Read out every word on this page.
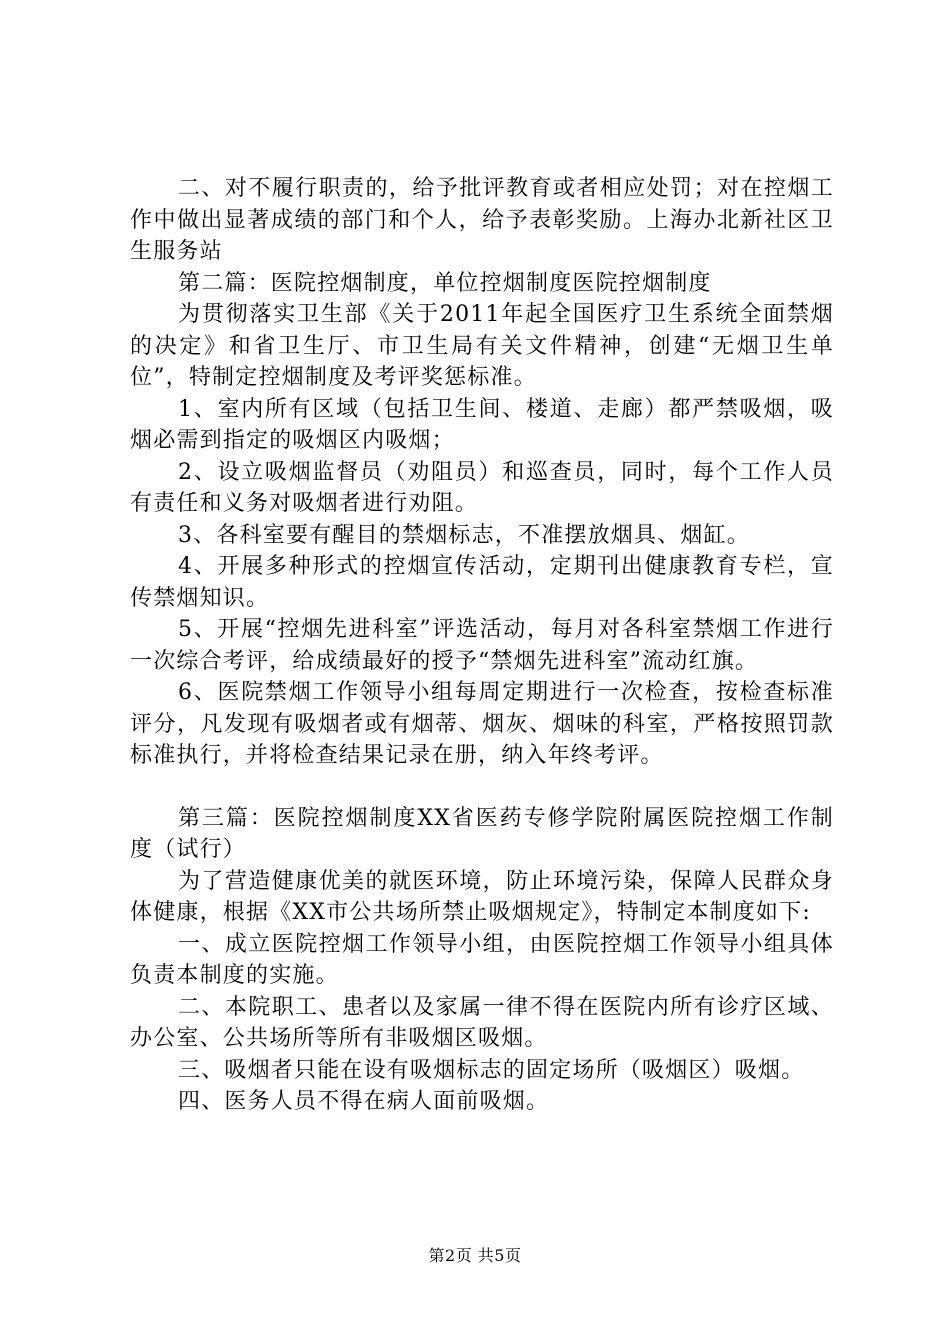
二、对不履行职责的，给予批评教育或者相应处罚；对在控烟工作中做出显著成绩的部门和个人，给予表彰奖励。上海办北新社区卫生服务站

第二篇：医院控烟制度，单位控烟制度医院控烟制度

为贯彻落实卫生部《关于2011年起全国医疗卫生系统全面禁烟的决定》和省卫生厅、市卫生局有关文件精神，创建“无烟卫生单位”，特制定控烟制度及考评奖惩标准。

1、室内所有区域（包括卫生间、楼道、走廊）都严禁吸烟，吸烟必需到指定的吸烟区内吸烟；

2、设立吸烟监督员（劝阻员）和巡查员，同时，每个工作人员有责任和义务对吸烟者进行劝阻。

3、各科室要有醒目的禁烟标志，不准摆放烟具、烟缸。

4、开展多种形式的控烟宣传活动，定期刊出健康教育专栏，宣传禁烟知识。

5、开展“控烟先进科室”评选活动，每月对各科室禁烟工作进行一次综合考评，给成绩最好的授予“禁烟先进科室”流动红旗。

6、医院禁烟工作领导小组每周定期进行一次检查，按检查标准评分，凡发现有吸烟者或有烟蒂、烟灰、烟味的科室，严格按照罚款标准执行，并将检查结果记录在册，纳入年终考评。

第三篇：医院控烟制度XX省医药专修学院附属医院控烟工作制度（试行）

为了营造健康优美的就医环境，防止环境污染，保障人民群众身体健康，根据《XX市公共场所禁止吸烟规定》，特制定本制度如下:

一、成立医院控烟工作领导小组，由医院控烟工作领导小组具体负责本制度的实施。

二、本院职工、患者以及家属一律不得在医院内所有诊疗区域、办公室、公共场所等所有非吸烟区吸烟。

三、吸烟者只能在设有吸烟标志的固定场所（吸烟区）吸烟。

四、医务人员不得在病人面前吸烟。

第2页 共5页
